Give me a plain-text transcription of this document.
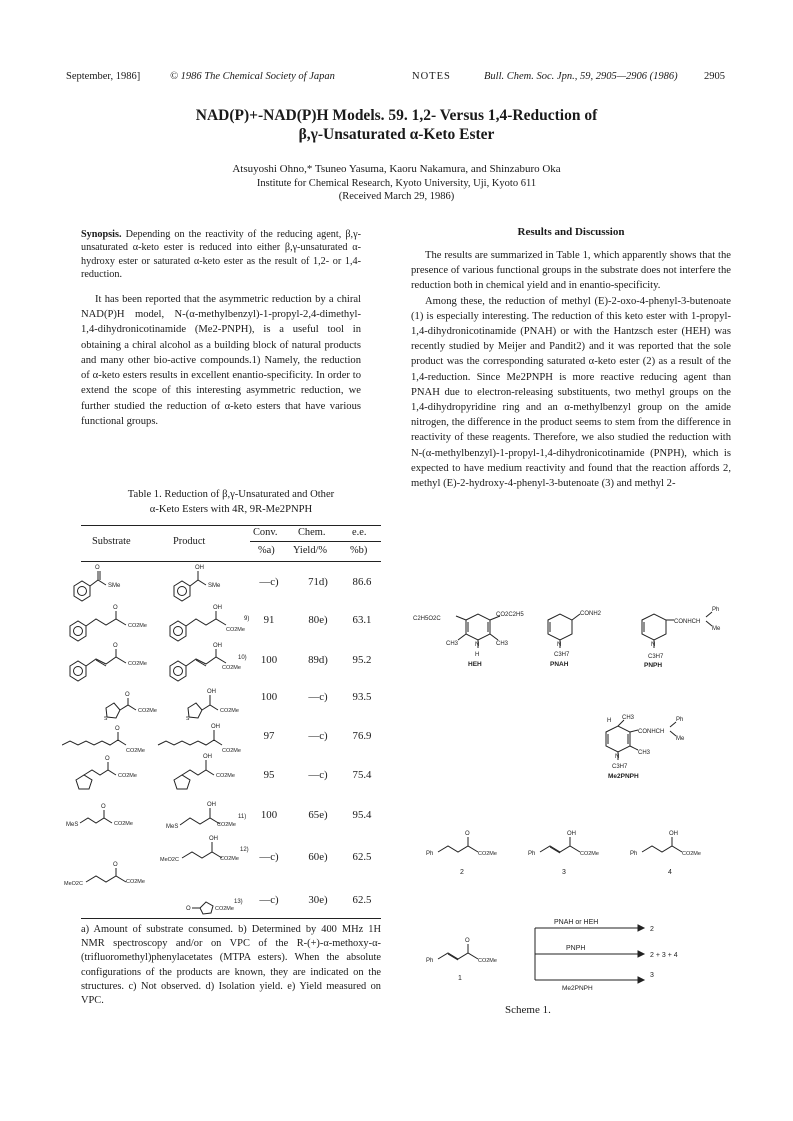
September, 1986]	© 1986 The Chemical Society of Japan	NOTES	Bull. Chem. Soc. Jpn., 59, 2905—2906 (1986)	2905
NAD(P)+-NAD(P)H Models. 59. 1,2- Versus 1,4-Reduction of
β,γ-Unsaturated α-Keto Ester
Atsuyoshi Ohno,* Tsuneo Yasuma, Kaoru Nakamura, and Shinzaburo Oka
Institute for Chemical Research, Kyoto University, Uji, Kyoto 611
(Received March 29, 1986)

Synopsis. Depending on the reactivity of the reducing agent, β,γ-unsaturated α-keto ester is reduced into either β,γ-unsaturated α-hydroxy ester or saturated α-keto ester as the result of 1,2- or 1,4-reduction.

It has been reported that the asymmetric reduction by a chiral NAD(P)H model, N-(α-methylbenzyl)-1-propyl-2,4-dimethyl-1,4-dihydronicotinamide (Me2-PNPH), is a useful tool in obtaining a chiral alcohol as a building block of natural products and many other bio-active compounds.1) Namely, the reduction of α-keto esters results in excellent enantio-specificity. In order to extend the scope of this interesting asymmetric reduction, we further studied the reduction of α-keto esters that have various functional groups.

Table 1. Reduction of β,γ-Unsaturated and Other
α-Keto Esters with 4R, 9R-Me2PNPH
Substrate	Product
Conv.
%a)
Chem.
Yield/%
e.e.
%b)
—c)	71d)	86.6
91	80e)	63.1
100	89d)	95.2
100	—c)	93.5
97	—c)	76.9
95	—c)	75.4
100	65e)	95.4
—c)	60e)	62.5
—c)	30e)	62.5
O
SMe
OH
SMe
O
CO2Me
OH
CO2Me
9)
O
CO2Me
OH
CO2Me
10)
S
O
CO2Me
S
OH
CO2Me
O
CO2Me
OH
CO2Me
O
CO2Me
OH
CO2Me
MeS
O
CO2Me	MeS
OH
CO2Me
11)
MeO2C
OH
CO2Me
12)
MeO2C
O
CO2Me
O	CO2Me
13)
a) Amount of substrate consumed. b) Determined by 400 MHz 1H NMR spectroscopy and/or on VPC of the R-(+)-α-methoxy-α-(trifluoromethyl)phenylacetates (MTPA esters). When the absolute configurations of the products are known, they are indicated on the structures. c) Not observed. d) Isolation yield. e) Yield measured on VPC.
Results and Discussion

The results are summarized in Table 1, which apparently shows that the presence of various functional groups in the substrate does not interfere the reduction both in chemical yield and in enantio-specificity.

Among these, the reduction of methyl (E)-2-oxo-4-phenyl-3-butenoate (1) is especially interesting. The reduction of this keto ester with 1-propyl-1,4-dihydronicotinamide (PNAH) or with the Hantzsch ester (HEH) was recently studied by Meijer and Pandit2) and it was reported that the sole product was the corresponding saturated α-keto ester (2) as a result of the 1,4-reduction. Since Me2PNPH is more reactive reducing agent than PNAH due to electron-releasing substituents, two methyl groups on the 1,4-dihydropyridine ring and an α-methylbenzyl group on the amide nitrogen, the difference in the product seems to stem from the difference in reactivity of these reagents. Therefore, we also studied the reduction with N-(α-methylbenzyl)-1-propyl-1,4-dihydronicotinamide (PNPH), which is expected to have medium reactivity and found that the reaction affords 2, methyl (E)-2-hydroxy-4-phenyl-3-butenoate (3) and methyl 2-

C2H5O2C
CO2C2H5
CH3	CH3
N
H
HEH
CONH2
N
C3H7
PNAH
CONHCH
Ph
Me
N
C3H7
PNPH
H CH3
CONHCH
Ph
Me
CH3
N
C3H7
Me2PNPH
Ph
O
CO2Me
2
Ph
OH
CO2Me
3
Ph
OH
CO2Me
4
Ph
O
CO2Me
1
PNAH or HEH
2
PNPH
2 + 3 + 4
Me2PNPH
3
Scheme 1.
